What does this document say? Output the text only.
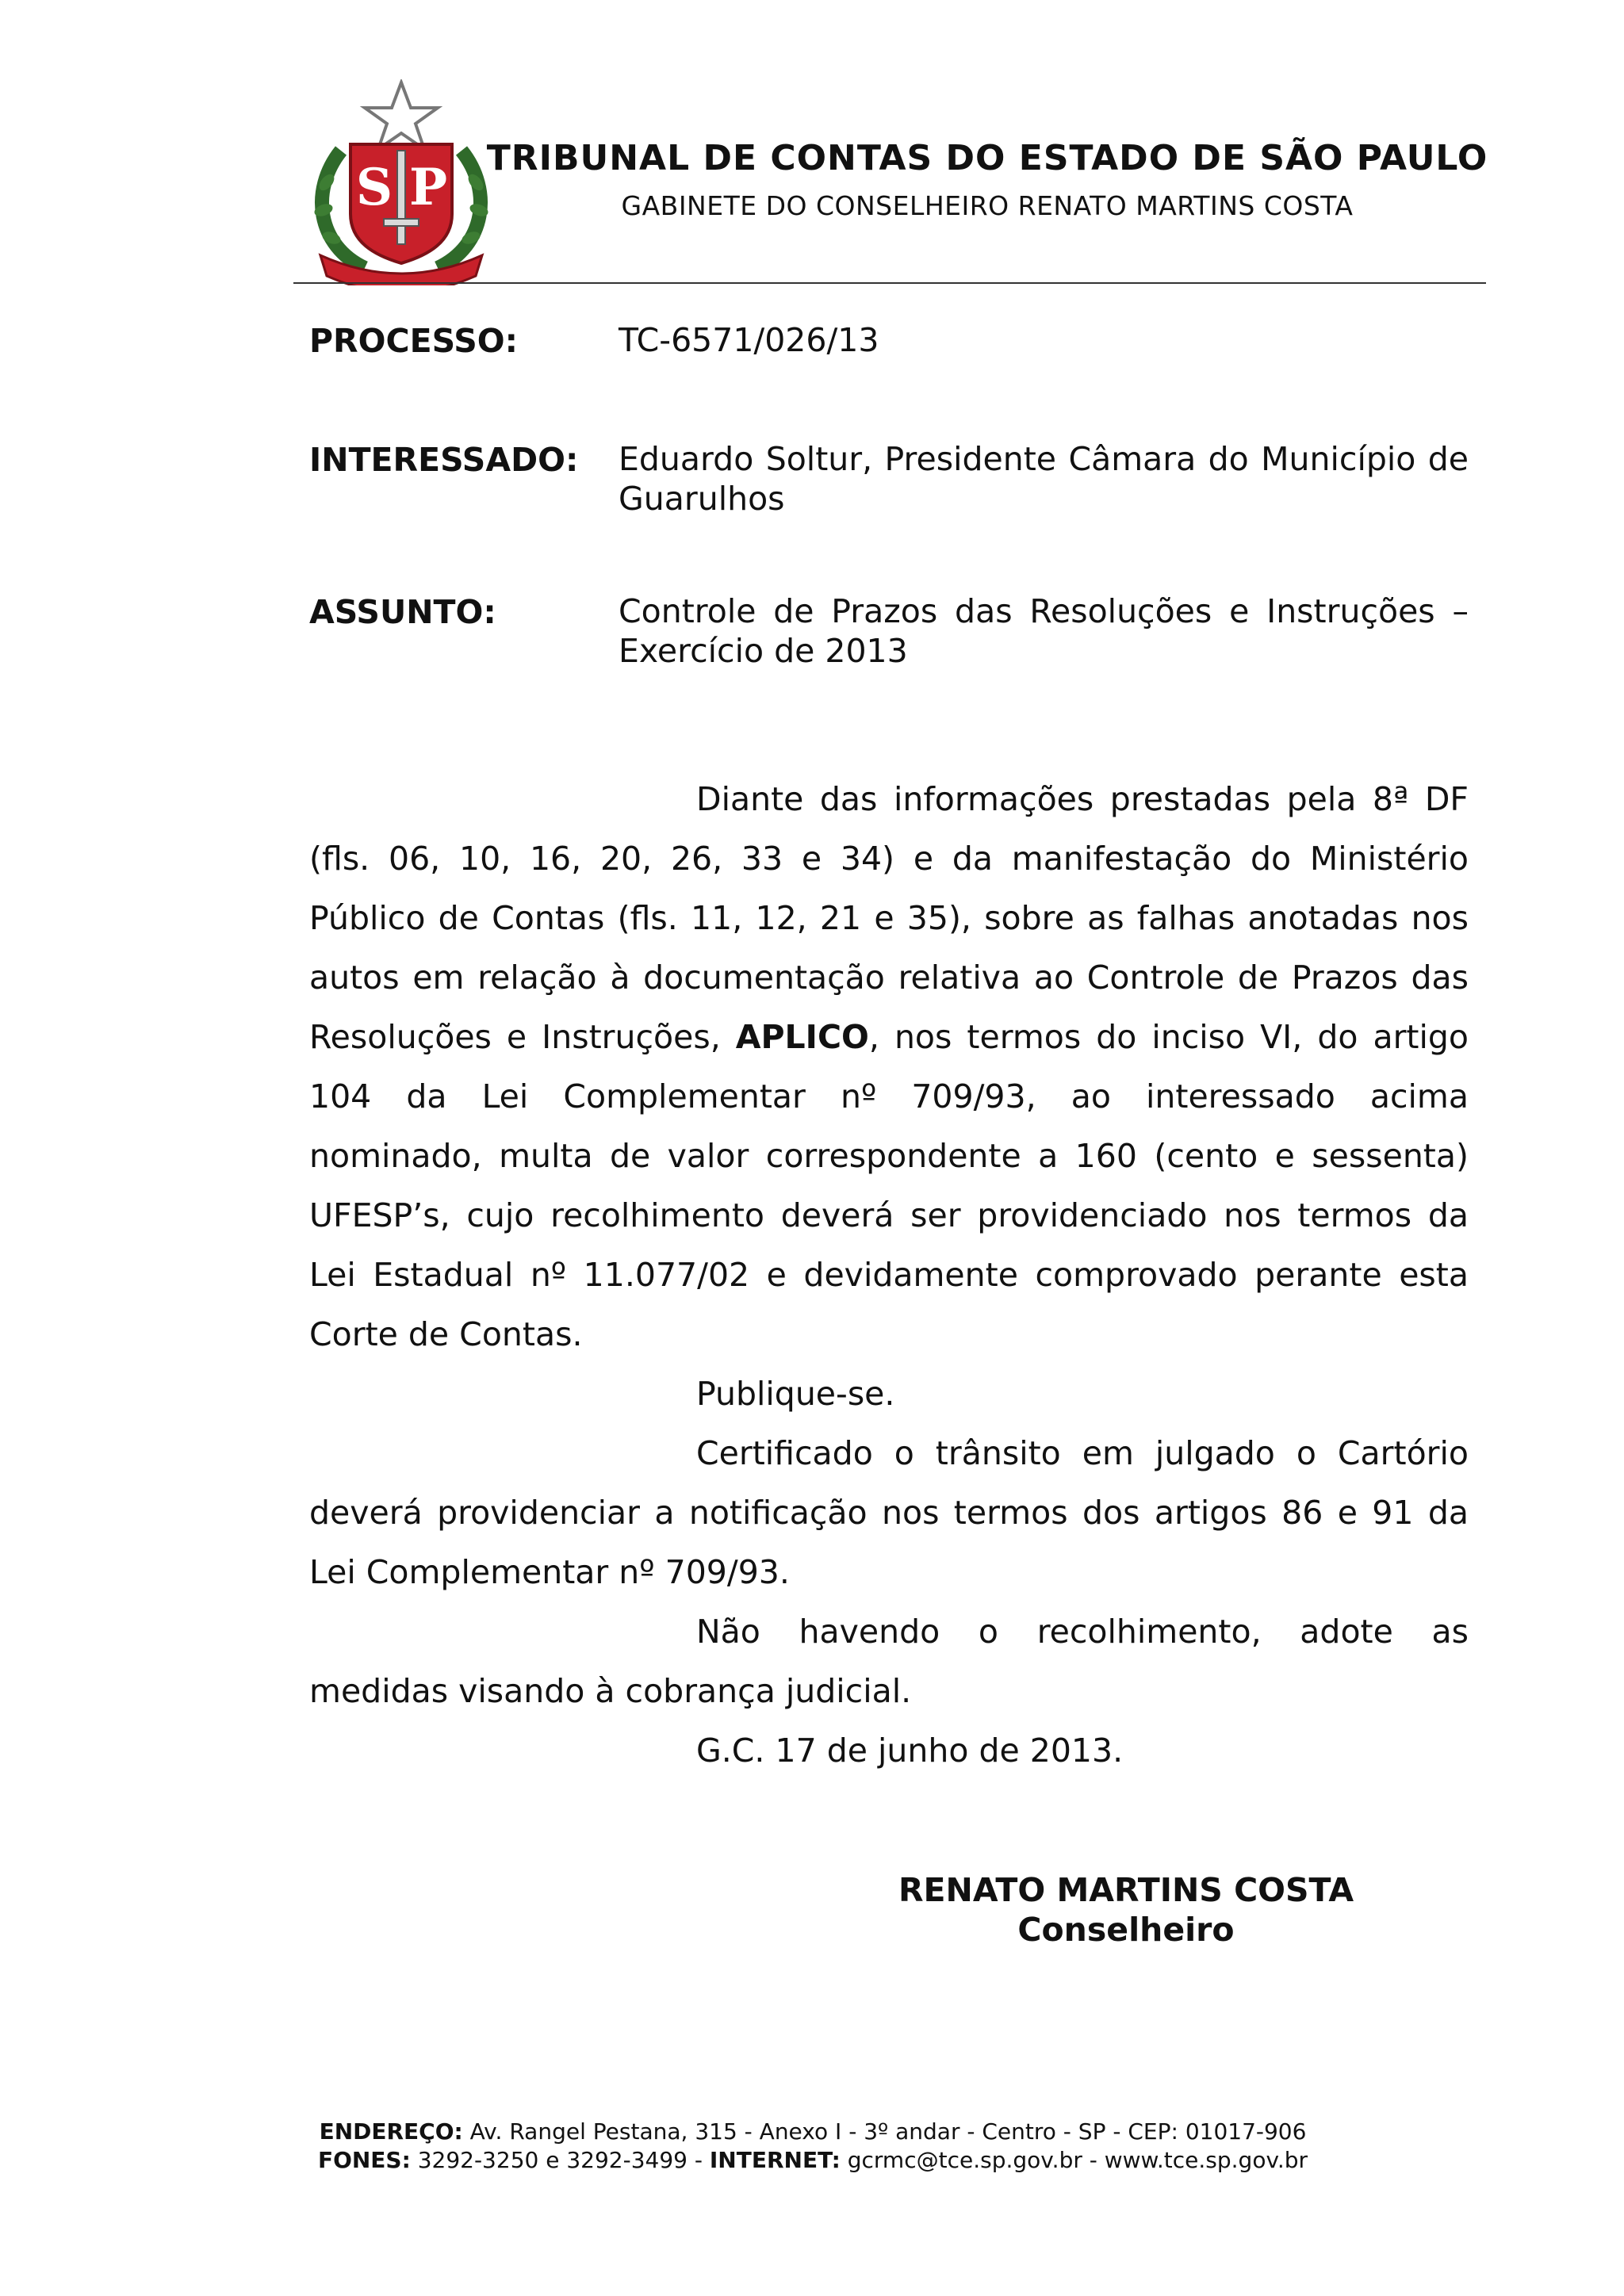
S P	TRIBUNAL DE CONTAS DO ESTADO DE SÃO PAULO
GABINETE DO CONSELHEIRO RENATO MARTINS COSTA
PROCESSO:	TC-6571/026/13
INTERESSADO: Eduardo Soltur, Presidente Câmara do Município de
Guarulhos
ASSUNTO:	Controle de Prazos das Resoluções e Instruções –
Exercício de 2013
Diante das informações prestadas pela 8ª DF
(fls. 06, 10, 16, 20, 26, 33 e 34) e da manifestação do Ministério
Público de Contas (fls. 11, 12, 21 e 35), sobre as falhas anotadas nos
autos em relação à documentação relativa ao Controle de Prazos das
Resoluções e Instruções, APLICO, nos termos do inciso VI, do artigo
104 da Lei Complementar nº 709/93, ao interessado acima
nominado, multa de valor correspondente a 160 (cento e sessenta)
UFESP’s, cujo recolhimento deverá ser providenciado nos termos da
Lei Estadual nº 11.077/02 e devidamente comprovado perante esta
Corte de Contas.
Publique-se.
Certificado o trânsito em julgado o Cartório
deverá providenciar a notificação nos termos dos artigos 86 e 91 da
Lei Complementar nº 709/93.
Não havendo o recolhimento, adote as
medidas visando à cobrança judicial.
G.C. 17 de junho de 2013.
RENATO MARTINS COSTA
Conselheiro
ENDEREÇO: Av. Rangel Pestana, 315 - Anexo I - 3º andar - Centro - SP - CEP: 01017-906
FONES: 3292-3250 e 3292-3499 - INTERNET: gcrmc@tce.sp.gov.br - www.tce.sp.gov.br
